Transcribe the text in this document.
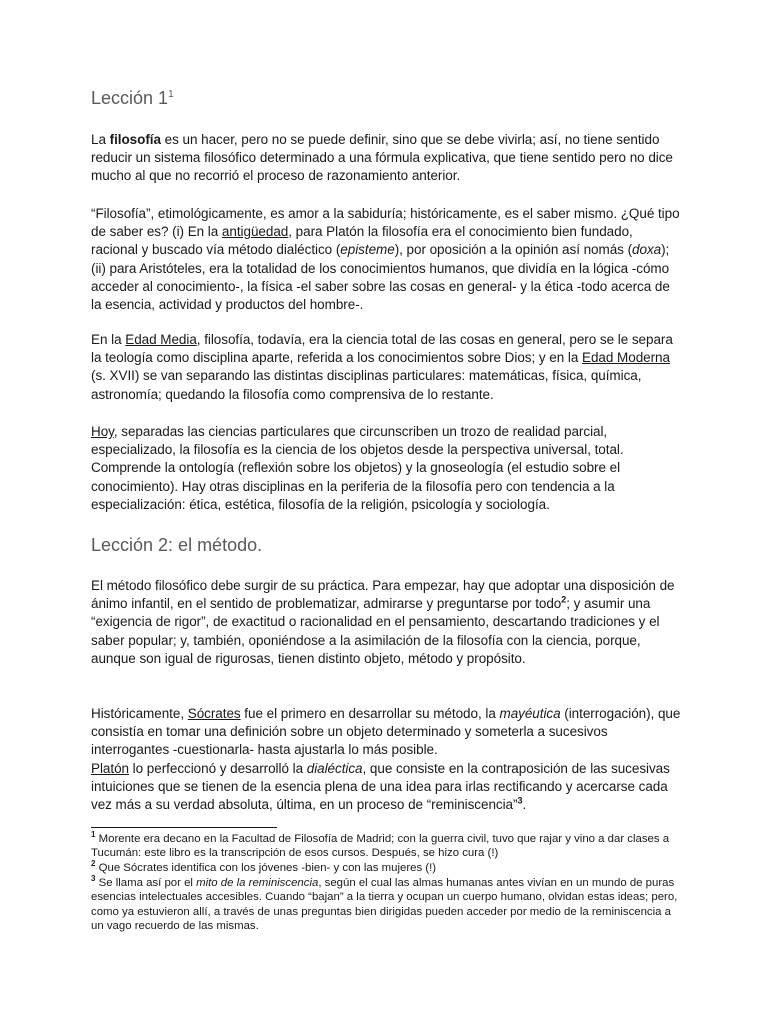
Lección $1^1$

La filosofía es un hacer, pero no se puede definir, sino que se debe vivirla; así, no tiene sentido reducir un sistema filosófico determinado a una fórmula explicativa, que tiene sentido pero no dice mucho al que no recorrió el proceso de razonamiento anterior.

“Filosofía”, etimológicamente, es amor a la sabiduría; históricamente, es el saber mismo. ¿Qué tipo de saber es? (i) En la antigüedad, para Platón la filosofía era el conocimiento bien fundado, racional y buscado vía método dialéctico (episteme), por oposición a la opinión así nomás (doxa); (ii) para Aristóteles, era la totalidad de los conocimientos humanos, que dividía en la lógica -cómo acceder al conocimiento-, la física -el saber sobre las cosas en general- y la ética -todo acerca de la esencia, actividad y productos del hombre-.

En la Edad Media, filosofía, todavía, era la ciencia total de las cosas en general, pero se le separa la teología como disciplina aparte, referida a los conocimientos sobre Dios; y en la Edad Moderna (s. XVII) se van separando las distintas disciplinas particulares: matemáticas, física, química, astronomía; quedando la filosofía como comprensiva de lo restante.

Hoy, separadas las ciencias particulares que circunscriben un trozo de realidad parcial, especializado, la filosofía es la ciencia de los objetos desde la perspectiva universal, total. Comprende la ontología (reflexión sobre los objetos) y la gnoseología (el estudio sobre el conocimiento). Hay otras disciplinas en la periferia de la filosofía pero con tendencia a la especialización: ética, estética, filosofía de la religión, psicología y sociología.

Lección 2: el método.

El método filosófico debe surgir de su práctica. Para empezar, hay que adoptar una disposición de ánimo infantil, en el sentido de problematizar, admirarse y preguntarse por todo$^2$; y asumir una “exigencia de rigor”, de exactitud o racionalidad en el pensamiento, descartando tradiciones y el saber popular; y, también, oponiéndose a la asimilación de la filosofía con la ciencia, porque, aunque son igual de rigurosas, tienen distinto objeto, método y propósito.

Históricamente, Sócrates fue el primero en desarrollar su método, la mayéutica (interrogación), que consistía en tomar una definición sobre un objeto determinado y someterla a sucesivos interrogantes -cuestionarla- hasta ajustarla lo más posible.
Platón lo perfeccionó y desarrolló la dialéctica, que consiste en la contraposición de las sucesivas intuiciones que se tienen de la esencia plena de una idea para irlas rectificando y acercarse cada vez más a su verdad absoluta, última, en un proceso de “reminiscencia”$^3$.

$^1$ Morente era decano en la Facultad de Filosofía de Madrid; con la guerra civil, tuvo que rajar y vino a dar clases a Tucumán: este libro es la transcripción de esos cursos. Después, se hizo cura (!)

$^2$ Que Sócrates identifica con los jóvenes -bien- y con las mujeres (!)

$^3$ Se llama así por el mito de la reminiscencia, según el cual las almas humanas antes vivían en un mundo de puras esencias intelectuales accesibles. Cuando “bajan” a la tierra y ocupan un cuerpo humano, olvidan estas ideas; pero, como ya estuvieron allí, a través de unas preguntas bien dirigidas pueden acceder por medio de la reminiscencia a un vago recuerdo de las mismas.
